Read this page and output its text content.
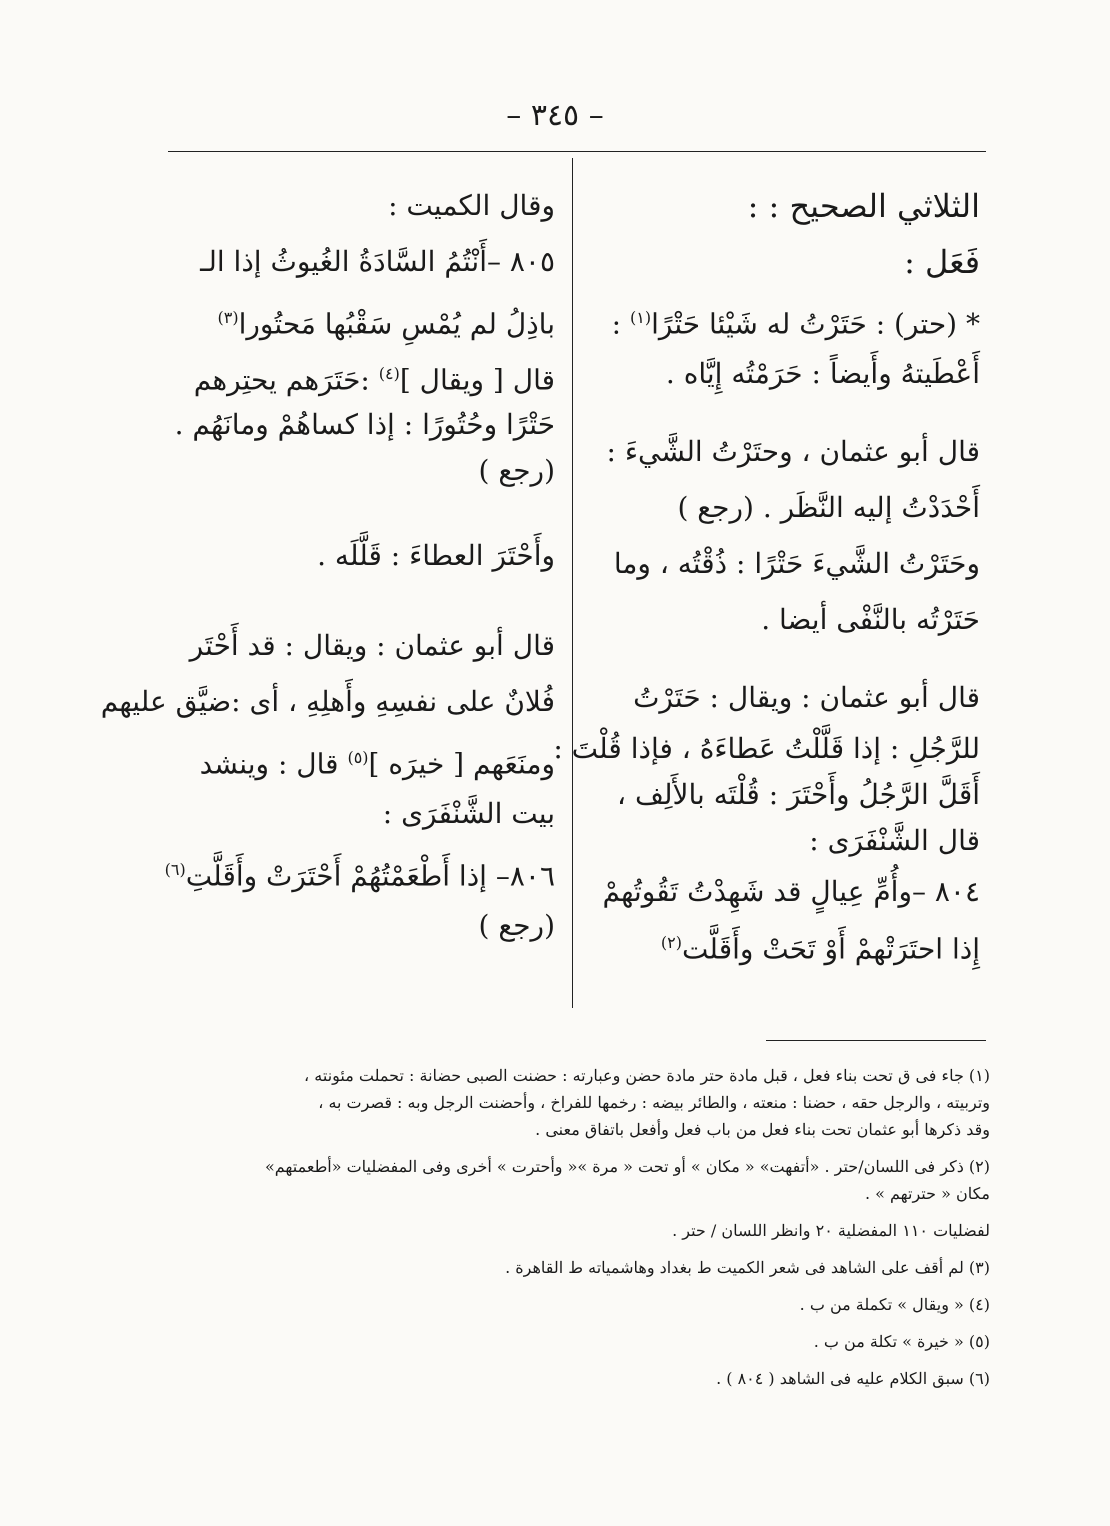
– ٣٤٥ –
الثلاثي الصحيح : :
فَعَل :
* (حتر) : حَتَرْتُ له شَيْئا حَتْرًا$^{(١)}$ :
أَعْطَيتهُ وأَيضاً : حَرَمْتُه إِيَّاه .
قال أبو عثمان ، وحتَرْتُ الشَّيءَ :
أَحْدَدْتُ إليه النَّظَر . (رجع )
وحَتَرْتُ الشَّيءَ حَتْرًا : ذُقْتُه ، وما
حَتَرْتُه بالنَّفْى أيضا .
قال أبو عثمان : ويقال : حَتَرْتُ
للرَّجُلِ : إذا قَلَّلْتُ عَطاءَهُ ، فإذا قُلْتَ :
أَقَلَّ الرَّجُلُ وأَحْتَرَ : قُلْتَه بالأَلِف ،
قال الشَّنْفَرَى :
٨٠٤ –وأُمِّ عِيالٍ قد شَهِدْتُ تَقُوتُهمْ
إِذا احتَرَتْهمْ أَوْ تَحَتْ وأَقَلَّت$^{(٢)}$
وقال الكميت :
٨٠٥ –أَنْتُمُ السَّادَةُ الغُيوثُ إذا الـ
باذِلُ لم يُمْسِ سَقْبُها مَحتُورا$^{(٣)}$
قال [ ويقال ]$^{(٤)}$ :حَتَرَهم يحتِرهم
حَتْرًا وحُتُورًا : إذا كساهُمْ ومانَهُم .
(رجع )
وأَحْتَرَ العطاءَ : قَلَّلَه .
قال أبو عثمان : ويقال : قد أَحْتَر
فُلانٌ على نفسِهِ وأَهلِهِ ، أى :ضيَّق عليهم
ومنَعَهم [ خيرَه ]$^{(٥)}$ قال : وينشد
بيت الشَّنْفَرَى :
٨٠٦– إذا أَطْعَمْتُهُمْ أَحْتَرَتْ وأَقَلَّتِ$^{(٦)}$
(رجع )
(١) جاء فى ق تحت بناء فعل ، قبل مادة حتر مادة حضن وعبارته : حضنت الصبى حضانة : تحملت مئونته ،
وتربيته ، والرجل حقه ، حضنا : منعته ، والطائر بيضه : رخمها للفراخ ، وأحضنت الرجل وبه : قصرت به ،
وقد ذكرها أبو عثمان تحت بناء فعل من باب فعل وأفعل باتفاق معنى .
(٢) ذكر فى اللسان/حتر . «أتفهت» « مكان » أو تحت « مرة »« وأحترت » أخرى وفى المفضليات «أطعمتهم»
مكان « حترتهم » .
لفضليات ١١٠ المفضلية ٢٠ وانظر اللسان / حتر .
(٣) لم أقف على الشاهد فى شعر الكميت ط بغداد وهاشمياته ط القاهرة .
(٤) « ويقال » تكملة من ب .
(٥) « خيرة » تكلة من ب .
(٦) سبق الكلام عليه فى الشاهد ( ٨٠٤ ) .
